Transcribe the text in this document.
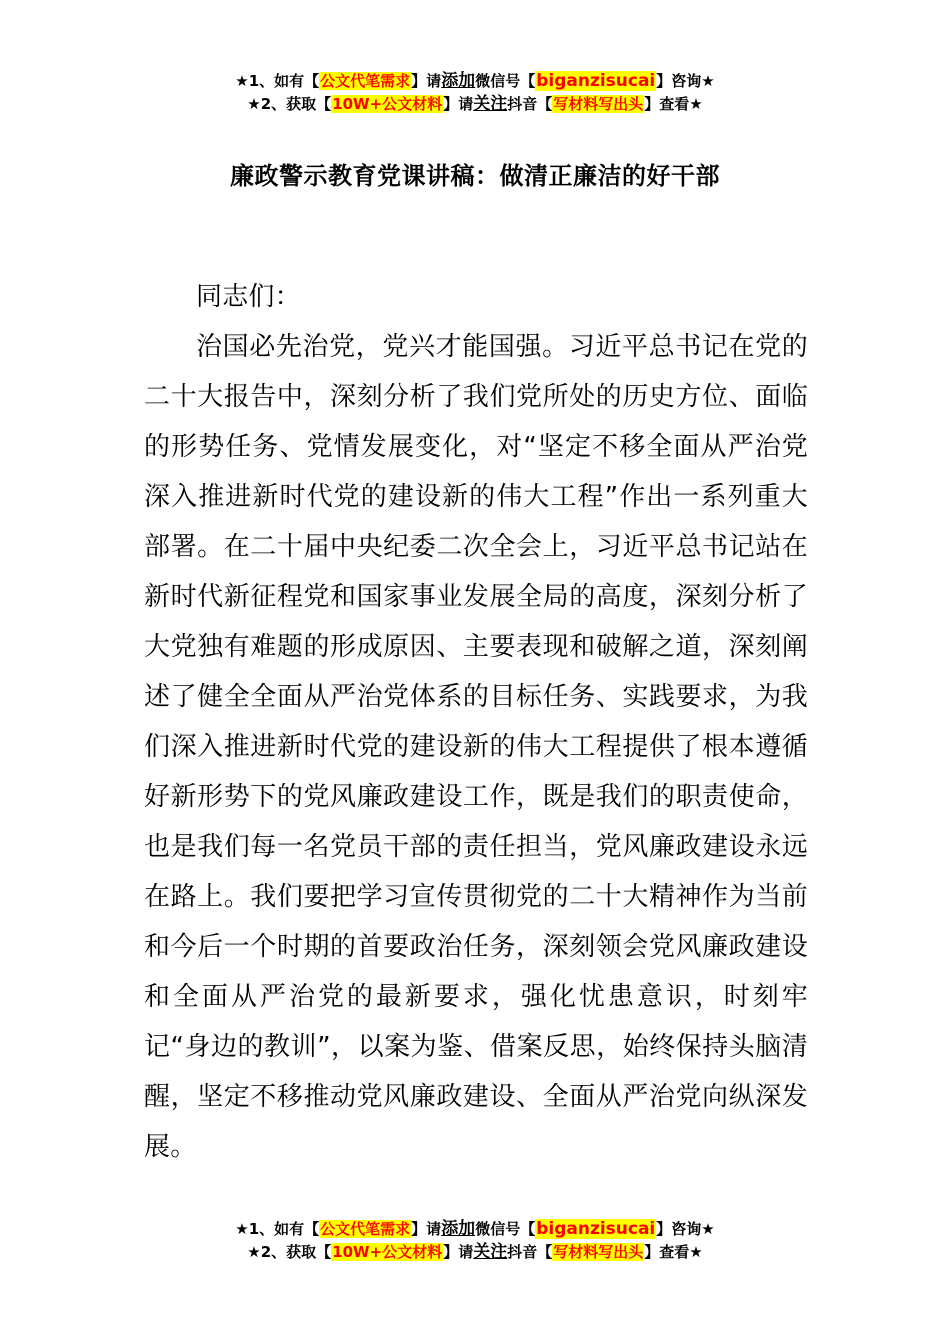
★1、如有【公文代笔需求】请添加微信号【biganzisucai】咨询★
★2、获取【10W+公文材料】请关注抖音【写材料写出头】查看★
廉政警示教育党课讲稿：做清正廉洁的好干部

同志们：

治国必先治党，党兴才能国强。习近平总书记在党的二十大报告中，深刻分析了我们党所处的历史方位、面临的形势任务、党情发展变化，对“坚定不移全面从严治党深入推进新时代党的建设新的伟大工程”作出一系列重大部署。在二十届中央纪委二次全会上，习近平总书记站在新时代新征程党和国家事业发展全局的高度，深刻分析了大党独有难题的形成原因、主要表现和破解之道，深刻阐述了健全全面从严治党体系的目标任务、实践要求，为我们深入推进新时代党的建设新的伟大工程提供了根本遵循好新形势下的党风廉政建设工作，既是我们的职责使命，也是我们每一名党员干部的责任担当，党风廉政建设永远在路上。我们要把学习宣传贯彻党的二十大精神作为当前和今后一个时期的首要政治任务，深刻领会党风廉政建设和全面从严治党的最新要求，强化忧患意识，时刻牢记“身边的教训”，以案为鉴、借案反思，始终保持头脑清醒，坚定不移推动党风廉政建设、全面从严治党向纵深发展。

★1、如有【公文代笔需求】请添加微信号【biganzisucai】咨询★
★2、获取【10W+公文材料】请关注抖音【写材料写出头】查看★
